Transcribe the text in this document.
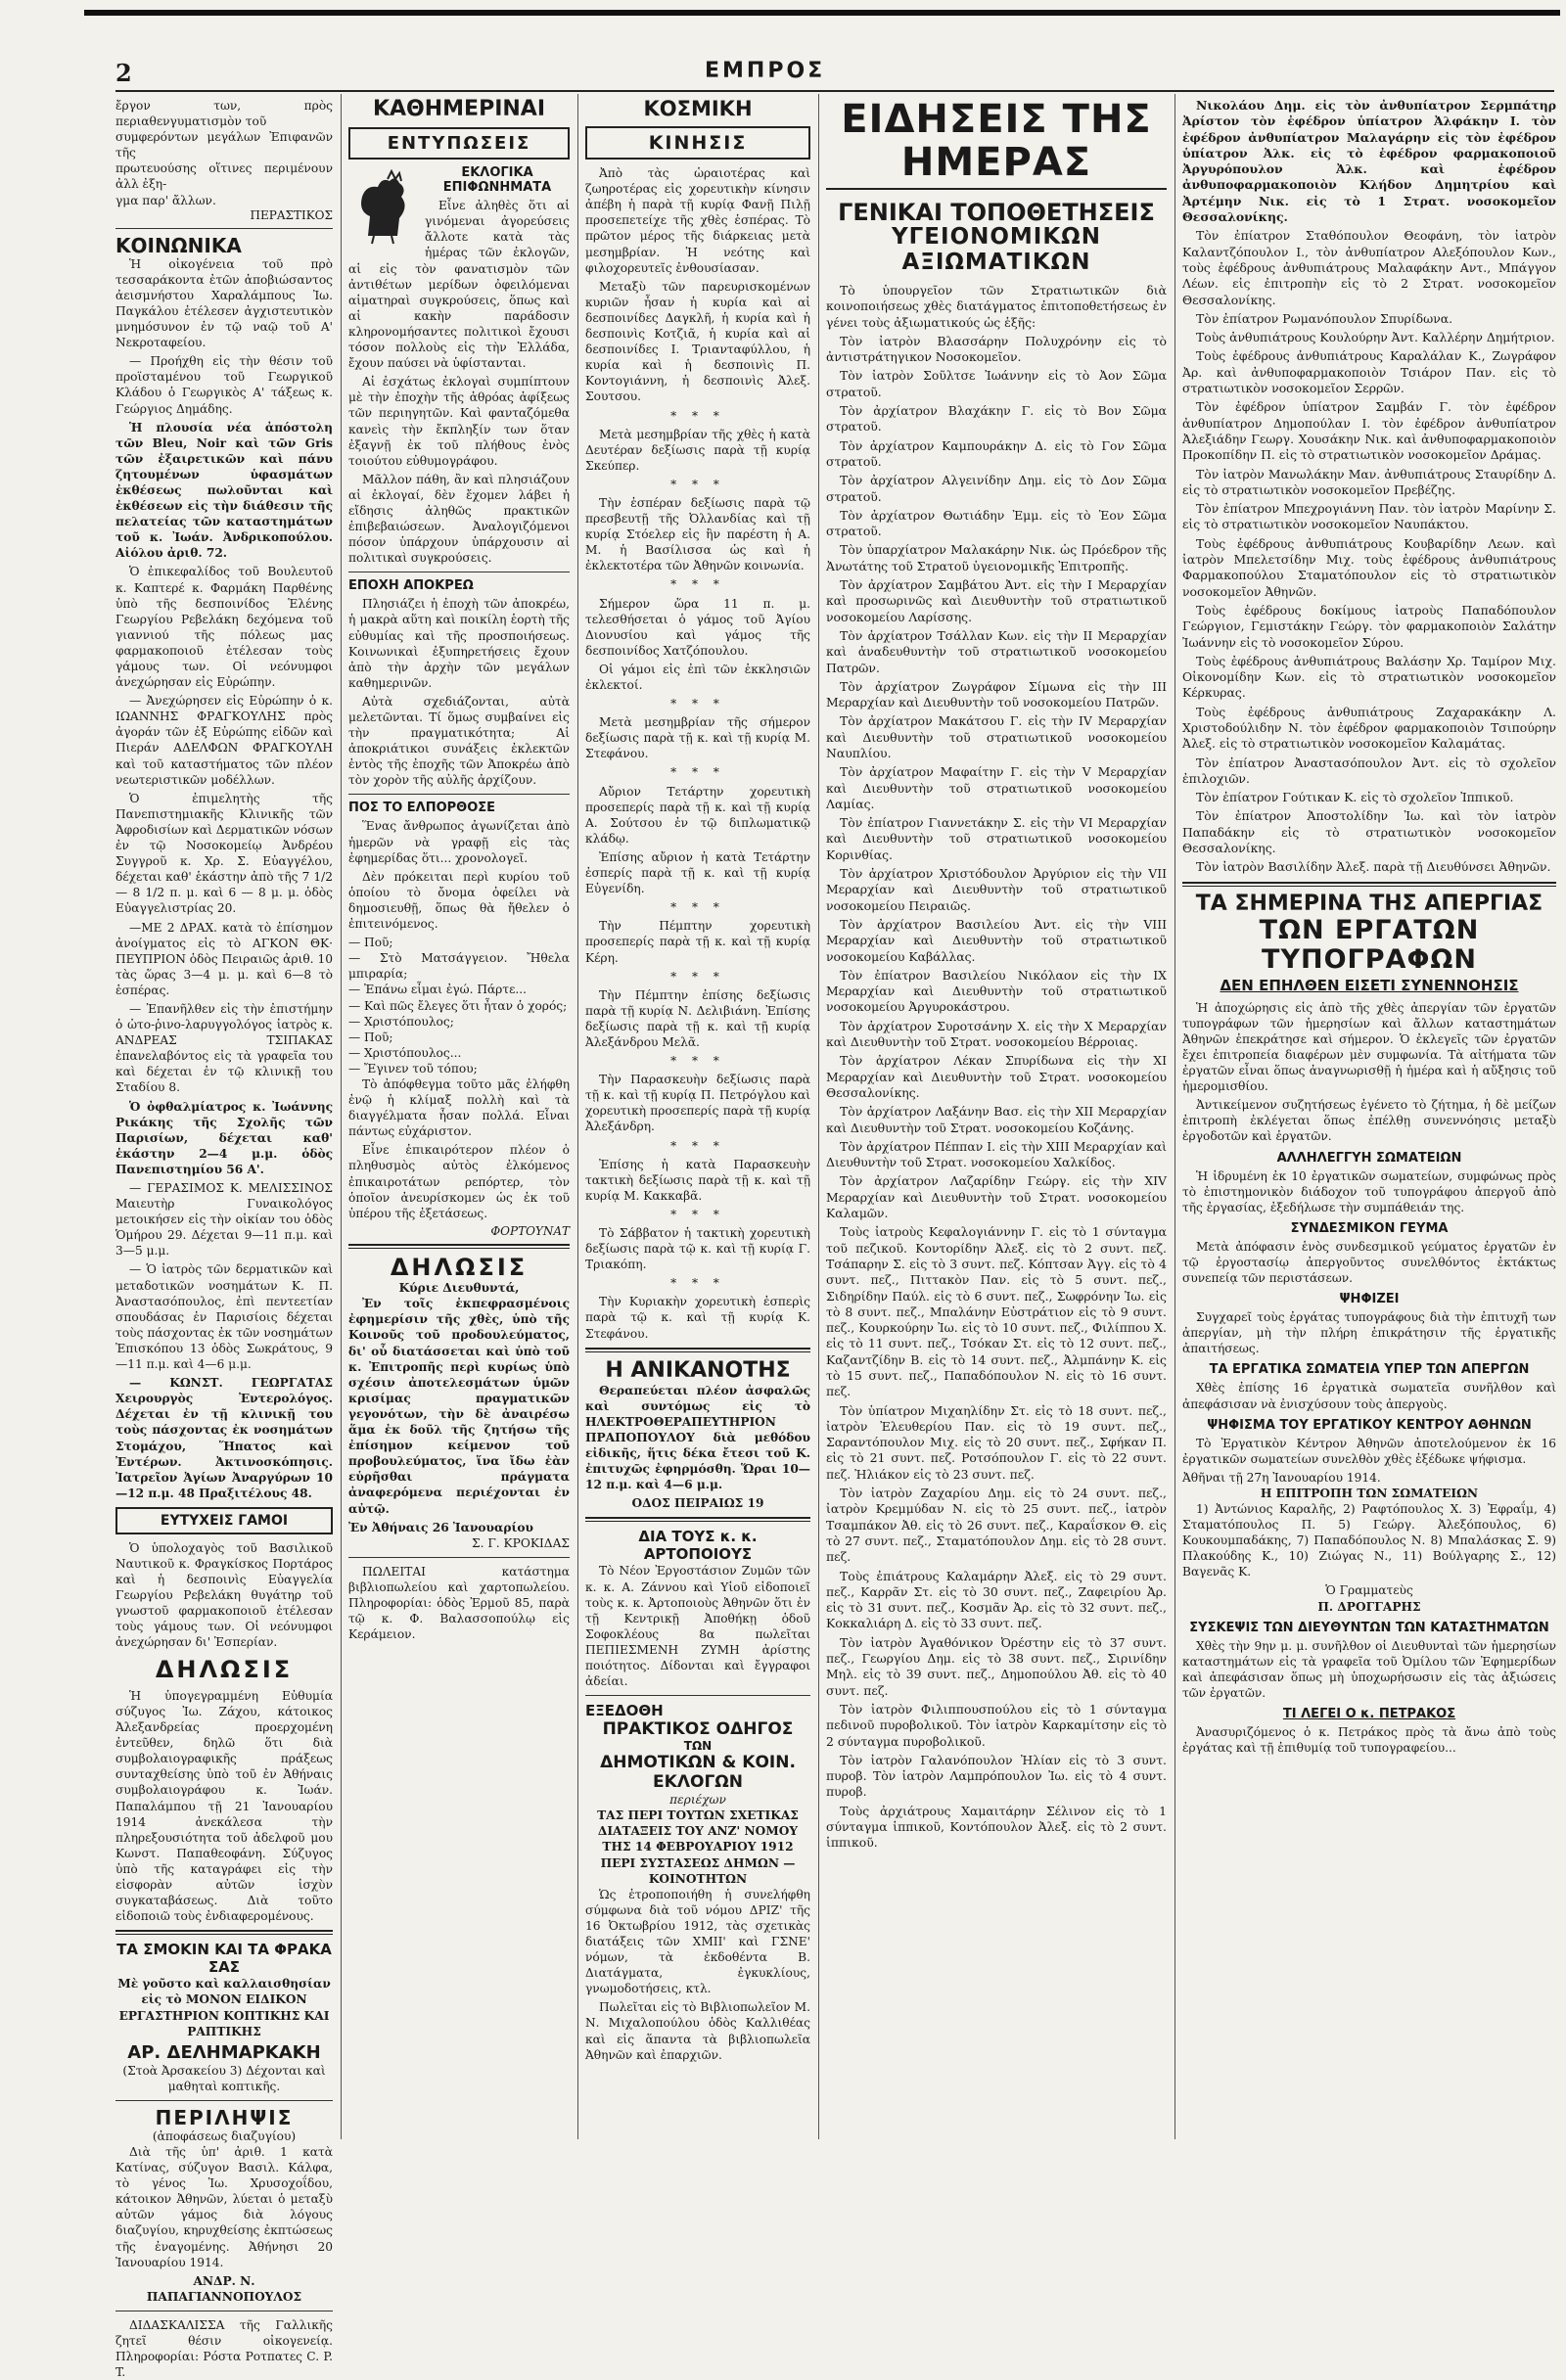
2	ΕΜΠΡΟΣ
ἔργον των, πρὸς περιαθενγυματισμὸν τοῦ
συμφερόντων μεγάλων Ἐπιφανῶν τῆς
πρωτευούσης οἵτινες περιμένουν ἀλλ ἐξη-
γμα παρ' ἄλλων.
ΠΕΡΑΣΤΙΚΟΣ
ΚΟΙΝΩΝΙΚΑ

Ἡ οἰκογένεια τοῦ πρὸ τεσσαράκοντα ἐτῶν ἀποβιώσαντος ἀεισμνήστου Χαραλάμπους Ἰω. Παγκάλου ἐτέλεσεν ἀγχιστευτικὸν μνημόσυνον ἐν τῷ ναῷ τοῦ Α' Νεκροταφείου.

— Προήχθη εἰς τὴν θέσιν τοῦ προϊσταμένου τοῦ Γεωργικοῦ Κλάδου ὁ Γεωργικὸς Α' τάξεως κ. Γεώργιος Δημάδης.

Ἡ πλουσία νέα ἀπόστολη τῶν Bleu, Noir καὶ τῶν Gris τῶν ἐξαιρετικῶν καὶ πάνυ ζητουμένων ὑφασμάτων ἐκθέσεως πωλοῦνται καὶ ἐκθέσεων εἰς τὴν διάθεσιν τῆς πελατείας τῶν καταστημάτων τοῦ κ. Ἰωάν. Ἀνδρικοπούλου. Αἰόλου ἀριθ. 72.

Ὁ ἐπικεφαλίδος τοῦ Βουλευτοῦ κ. Καπτερέ κ. Φαρμάκη Παρθένης ὑπὸ τῆς δεσποινίδος Ἑλένης Γεωργίου Ρεβελάκη δεχόμενα τοῦ γιαννιού τῆς πόλεως μας φαρμακοποιοῦ ἐτέλεσαν τοὺς γάμους των. Οἱ νεόνυμφοι ἀνεχώρησαν εἰς Εὐρώπην.

— Ἀνεχώρησεν εἰς Εὐρώπην ὁ κ. ΙΩΑΝΝΗΣ ΦΡΑΓΚΟΥΛΗΣ πρὸς ἀγοράν τῶν ἐξ Εὐρώπης εἰδῶν καὶ Πιεράν ΑΔΕΛΦΩΝ ΦΡΑΓΚΟΥΛΗ καὶ τοῦ καταστήματος τῶν πλέον νεωτεριστικῶν μοδέλλων.

Ὁ ἐπιμελητὴς τῆς Πανεπιστημιακῆς Κλινικῆς τῶν Ἀφροδισίων καὶ Δερματικῶν νόσων ἐν τῷ Νοσοκομείῳ Ἀνδρέου Συγγροῦ κ. Χρ. Σ. Εὐαγγέλου, δέχεται καθ' ἑκάστην ἀπὸ τῆς 7 1/2 — 8 1/2 π. μ. καὶ 6 — 8 μ. μ. ὁδὸς Εὐαγγελιστρίας 20.

—ΜΕ 2 ΔΡΑΧ. κατὰ τὸ ἐπίσημον ἀνοίγματος εἰς τὸ ΑΓΚΟΝ ΘΚ· ΠΕΥΠΡΙΟΝ ὁδὸς Πειραιῶς ἀριθ. 10 τὰς ὥρας 3—4 μ. μ. καὶ 6—8 τὸ ἑσπέρας.

— Ἐπανῆλθεν εἰς τὴν ἐπιστήμην ὁ ὠτο-ῥινο-λαρυγγολόγος ἰατρὸς κ. ΑΝΔΡΕΑΣ ΤΣΙΠΑΚΑΣ ἐπανελαβόντος εἰς τὰ γραφεῖα του καὶ δέχεται ἐν τῷ κλινικῇ του Σταδίου 8.

Ὁ ὀφθαλμίατρος κ. Ἰωάννης Ρικάκης τῆς Σχολῆς τῶν Παρισίων, δέχεται καθ' ἑκάστην 2—4 μ.μ. ὁδὸς Πανεπιστημίου 56 Α'.

— ΓΕΡΑΣΙΜΟΣ Κ. ΜΕΛΙΣΣΙΝΟΣ Μαιευτὴρ Γυναικολόγος μετοικήσεν εἰς τὴν οἰκίαν του ὁδὸς Ὁμήρου 29. Δέχεται 9—11 π.μ. καὶ 3—5 μ.μ.

— Ὁ ἰατρὸς τῶν δερματικῶν καὶ μεταδοτικῶν νοσημάτων Κ. Π. Ἀναστασόπουλος, ἐπὶ πεντεετίαν σπουδάσας ἐν Παρισίοις δέχεται τοὺς πάσχοντας ἐκ τῶν νοσημάτων Ἐπισκόπου 13 ὁδὸς Σωκράτους, 9—11 π.μ. καὶ 4—6 μ.μ.

— ΚΩΝΣΤ. ΓΕΩΡΓΑΤΑΣ Χειρουργὸς Ἐντερολόγος. Δέχεται ἐν τῇ κλινικῇ του τοὺς πάσχοντας ἐκ νοσημάτων Στομάχου, Ἥπατος καὶ Ἐντέρων. Ἀκτινοσκόπησις. Ἰατρεῖον Ἀγίων Ἀναργύρων 10—12 π.μ. 48 Πραξιτέλους 48.

ΕΥΤΥΧΕΙΣ ΓΑΜΟΙ

Ὁ ὑπολοχαγὸς τοῦ Βασιλικοῦ Ναυτικοῦ κ. Φραγκίσκος Πορτάρος καὶ ἡ δεσποινὶς Εὐαγγελία Γεωργίου Ρεβελάκη θυγάτηρ τοῦ γνωστοῦ φαρμακοποιοῦ ἐτέλεσαν τοὺς γάμους των. Οἱ νεόνυμφοι ἀνεχώρησαν δι' Ἑσπερίαν.

ΔΗΛΩΣΙΣ

Ἡ ὑπογεγραμμένη Εὐθυμία σύζυγος Ἰω. Ζάχου, κάτοικος Ἀλεξανδρείας προερχομένη ἐντεῦθεν, δηλῶ ὅτι διὰ συμβολαιογραφικῆς πράξεως συνταχθείσης ὑπὸ τοῦ ἐν Ἀθήναις συμβολαιογράφου κ. Ἰωάν. Παπαλάμπου τῇ 21 Ἰανουαρίου 1914 ἀνεκάλεσα τὴν πληρεξουσιότητα τοῦ ἀδελφοῦ μου Κωνστ. Παπαθεοφάνη. Σύζυγος ὑπὸ τῆς καταγράφει εἰς τὴν εἰσφορὰν αὐτῶν ἰσχὺν συγκαταβάσεως. Διὰ τοῦτο εἰδοποιῶ τοὺς ἐνδιαφερομένους.

ΤΑ ΣΜΟΚΙΝ ΚΑΙ ΤΑ ΦΡΑΚΑ ΣΑΣ
Μὲ γοῦστο καὶ καλλαισθησίαν εἰς τὸ ΜΟΝΟΝ ΕΙΔΙΚΟΝ ΕΡΓΑΣΤΗΡΙΟΝ ΚΟΠΤΙΚΗΣ ΚΑΙ ΡΑΠΤΙΚΗΣ
ΑΡ. ΔΕΛΗΜΑΡΚΑΚΗ
(Στοὰ Ἀρσακείου 3) Δέχονται καὶ μαθηταὶ κοπτικῆς.
ΠΕΡΙΛΗΨΙΣ
(ἀποφάσεως διαζυγίου)

Διὰ τῆς ὑπ' ἀριθ. 1 κατὰ Κατίνας, σύζυγον Βασιλ. Κάλφα, τὸ γένος Ἰω. Χρυσοχοΐδου, κάτοικον Ἀθηνῶν, λύεται ὁ μεταξὺ αὐτῶν γάμος διὰ λόγους διαζυγίου, κηρυχθείσης ἐκπτώσεως τῆς ἐναγομένης. Ἀθήνησι 20 Ἰανουαρίου 1914.

ΑΝΔΡ. Ν. ΠΑΠΑΓΙΑΝΝΟΠΟΥΛΟΣ

ΔΙΔΑΣΚΑΛΙΣΣΑ τῆς Γαλλικῆς ζητεῖ θέσιν οἰκογενείᾳ. Πληροφορίαι: Ρόστα Ροτπατες C. P. T.

ΚΑΘΗΜΕΡΙΝΑΙ
ΕΝΤΥΠΩΣΕΙΣ
ΕΚΛΟΓΙΚΑ ΕΠΙΦΩΝΗΜΑΤΑ

Εἶνε ἀληθὲς ὅτι αἱ γινόμεναι ἀγορεύσεις ἄλλοτε κατὰ τὰς ἡμέρας τῶν ἐκλογῶν, αἱ εἰς τὸν φανατισμὸν τῶν ἀντιθέτων μερίδων ὀφειλόμεναι αἱματηραὶ συγκρούσεις, ὅπως καὶ αἱ κακὴν παράδοσιν κληρονομήσαντες πολιτικοὶ ἔχουσι τόσον πολλοὺς εἰς τὴν Ἑλλάδα, ἔχουν παύσει νὰ ὑφίστανται.

Αἱ ἐσχάτως ἐκλογαὶ συμπίπτουν μὲ τὴν ἐποχὴν τῆς ἀθρόας ἀφίξεως τῶν περιηγητῶν. Καὶ φανταζόμεθα κανεὶς τὴν ἔκπληξίν των ὅταν ἐξαγνῇ ἐκ τοῦ πλήθους ἐνὸς τοιούτου εὐθυμογράφου.

Μᾶλλον πάθη, ἂν καὶ πλησιάζουν αἱ ἐκλογαί, δὲν ἔχομεν λάβει ἡ εἴδησις ἀληθῶς πρακτικῶν ἐπιβεβαιώσεων. Ἀναλογιζόμενοι πόσον ὑπάρχουν ὑπάρχουσιν αἱ πολιτικαὶ συγκρούσεις.

ΕΠΟΧΗ ΑΠΟΚΡΕΩ

Πλησιάζει ἡ ἐποχὴ τῶν ἀποκρέω, ἡ μακρὰ αὕτη καὶ ποικίλη ἑορτὴ τῆς εὐθυμίας καὶ τῆς προσποιήσεως. Κοινωνικαὶ ἐξυπηρετήσεις ἔχουν ἀπὸ τὴν ἀρχὴν τῶν μεγάλων καθημερινῶν.

Αὐτὰ σχεδιάζονται, αὐτὰ μελετῶνται. Τί ὅμως συμβαίνει εἰς τὴν πραγματικότητα; Αἱ ἀποκριάτικοι συνάξεις ἐκλεκτῶν ἐντὸς τῆς ἐποχῆς τῶν Ἀποκρέω ἀπὸ τὸν χορὸν τῆς αὐλῆς ἀρχίζουν.

ΠΟΣ ΤΟ ΕΛΠΟΡΘΟΣΕ

Ἕνας ἄνθρωπος ἀγωνίζεται ἀπὸ ἡμερῶν νὰ γραφῇ εἰς τὰς ἐφημερίδας ὅτι... χρονολογεῖ.

Δὲν πρόκειται περὶ κυρίου τοῦ ὁποίου τὸ ὄνομα ὀφείλει νὰ δημοσιευθῇ, ὅπως θὰ ἤθελεν ὁ ἐπιτεινόμενος.

— Ποῦ;
— Στὸ Ματσάγγειον. Ἤθελα μπιραρία;
— Ἐπάνω εἶμαι ἐγώ. Πάρτε...
— Καὶ πῶς ἔλεγες ὅτι ἦταν ὁ χορός;
— Χριστόπουλος;
— Ποῦ;
— Χριστόπουλος...
— Ἔγινεν τοῦ τόπου;

Τὸ ἀπόφθεγμα τοῦτο μᾶς ἐλήφθη ἐνῷ ἡ κλίμαξ πολλὴ καὶ τὰ διαγγέλματα ἦσαν πολλά. Εἶναι πάντως εὐχάριστον.

Εἶνε ἐπικαιρότερον πλέον ὁ πληθυσμὸς αὐτὸς ἐλκόμενος ἐπικαιροτάτων ρεπόρτερ, τὸν ὁποῖον ἀνευρίσκομεν ὡς ἐκ τοῦ ὑπέρου τῆς ἐξετάσεως.

ΦΟΡΤΟΥΝΑΤ
ΔΗΛΩΣΙΣ
Κύριε Διευθυντά,

Ἐν τοῖς ἐκπεφρασμένοις ἐφημερίσιν τῆς χθὲς, ὑπὸ τῆς Κοινοῦς τοῦ προδουλεύματος, δι' οὗ διατάσσεται καὶ ὑπὸ τοῦ κ. Ἐπιτροπῆς περὶ κυρίως ὑπὸ σχέσιν ἀποτελεσμάτων ὑμῶν κρισίμας πραγματικῶν γεγονότων, τὴν δὲ ἀναιρέσω ἅμα ἐκ δοῦλ τῆς ζητήσω τῆς ἐπίσημον κείμενον τοῦ προβουλεύματος, ἵνα ἴδω ἐὰν εὑρῆσθαι πράγματα ἀναφερόμενα περιέχονται ἐν αὐτῷ.

Ἐν Ἀθήναις 26 Ἰανουαρίου
Σ. Γ. ΚΡΟΚΙΔΑΣ

ΠΩΛΕΙΤΑΙ κατάστημα βιβλιοπωλείου καὶ χαρτοπωλείου. Πληροφορίαι: ὁδὸς Ἐρμοῦ 85, παρὰ τῷ κ. Φ. Βαλασσοπούλῳ εἰς Κεράμειον.

ΚΟΣΜΙΚΗ
ΚΙΝΗΣΙΣ

Ἀπὸ τὰς ὡραιοτέρας καὶ ζωηροτέρας εἰς χορευτικὴν κίνησιν ἀπέβη ἡ παρὰ τῇ κυρίᾳ Φανῇ Πιλῇ προσεπετείχε τῆς χθὲς ἑσπέρας. Τὸ πρῶτον μέρος τῆς διάρκειας μετὰ μεσημβρίαν. Ἡ νεότης καὶ φιλοχορευτεῖς ἐνθουσίασαν.

Μεταξὺ τῶν παρευρισκομένων κυριῶν ἦσαν ἡ κυρία καὶ αἱ δεσποινίδες Δαγκλῆ, ἡ κυρία καὶ ἡ δεσποινὶς Κοτζιᾶ, ἡ κυρία καὶ αἱ δεσποινίδες Ι. Τριανταφύλλου, ἡ κυρία καὶ ἡ δεσποινὶς Π. Κοντογιάννη, ἡ δεσποινὶς Ἀλεξ. Σουτσου.

* * *

Μετὰ μεσημβρίαν τῆς χθὲς ἡ κατὰ Δευτέραν δεξίωσις παρὰ τῇ κυρίᾳ Σκεύπερ.

* * *

Τὴν ἑσπέραν δεξίωσις παρὰ τῷ πρεσβευτῇ τῆς Ὀλλανδίας καὶ τῇ κυρίᾳ Στόελερ εἰς ἣν παρέστη ἡ Α. Μ. ἡ Βασίλισσα ὡς καὶ ἡ ἐκλεκτοτέρα τῶν Ἀθηνῶν κοινωνία.

* * *

Σήμερον ὥρα 11 π. μ. τελεσθήσεται ὁ γάμος τοῦ Ἀγίου Διονυσίου καὶ γάμος τῆς δεσποινίδος Χατζόπουλου.

Οἱ γάμοι εἰς ἐπὶ τῶν ἐκκλησιῶν ἐκλεκτοί.

* * *

Μετὰ μεσημβρίαν τῆς σήμερον δεξίωσις παρὰ τῇ κ. καὶ τῇ κυρίᾳ Μ. Στεφάνου.

* * *

Αὔριον Τετάρτην χορευτικὴ προσεπερίς παρὰ τῇ κ. καὶ τῇ κυρίᾳ Α. Σούτσου ἐν τῷ διπλωματικῷ κλάδῳ.

Ἐπίσης αὔριον ἡ κατὰ Τετάρτην ἐσπερίς παρὰ τῇ κ. καὶ τῇ κυρίᾳ Εὐγενίδη.

* * *

Τὴν Πέμπτην χορευτικὴ προσεπερίς παρὰ τῇ κ. καὶ τῇ κυρίᾳ Κέρη.

* * *

Τὴν Πέμπτην ἐπίσης δεξίωσις παρὰ τῇ κυρίᾳ Ν. Δελιβιάνη. Ἐπίσης δεξίωσις παρὰ τῇ κ. καὶ τῇ κυρίᾳ Ἀλεξάνδρου Μελᾶ.

* * *

Τὴν Παρασκευὴν δεξίωσις παρὰ τῇ κ. καὶ τῇ κυρίᾳ Π. Πετρόγλου καὶ χορευτικὴ προσεπερίς παρὰ τῇ κυρίᾳ Ἀλεξάνδρη.

* * *

Ἐπίσης ἡ κατὰ Παρασκευὴν τακτικὴ δεξίωσις παρὰ τῇ κ. καὶ τῇ κυρίᾳ Μ. Κακκαβᾶ.

* * *

Τὸ Σάββατον ἡ τακτικὴ χορευτικὴ δεξίωσις παρὰ τῷ κ. καὶ τῇ κυρίᾳ Γ. Τριακόπη.

* * *

Τὴν Κυριακὴν χορευτικὴ ἐσπερὶς παρὰ τῷ κ. καὶ τῇ κυρίᾳ Κ. Στεφάνου.

Η ΑΝΙΚΑΝΟΤΗΣ

Θεραπεύεται πλέον ἀσφαλῶς καὶ συντόμως εἰς τὸ ΗΛΕΚΤΡΟΘΕΡΑΠΕΥΤΗΡΙΟΝ ΠΡΑΠΟΠΟΥΛΟΥ διὰ μεθόδου εἰδικῆς, ἥτις δέκα ἔτεσι τοῦ Κ. ἐπιτυχῶς ἐφηρμόσθη. Ὥραι 10—12 π.μ. καὶ 4—6 μ.μ.

ΟΔΟΣ ΠΕΙΡΑΙΩΣ 19
ΔΙΑ ΤΟΥΣ κ. κ. ΑΡΤΟΠΟΙΟΥΣ

Τὸ Νέον Ἐργοστάσιον Ζυμῶν τῶν κ. κ. Α. Ζάννου καὶ Υἱοῦ εἰδοποιεῖ τοὺς κ. κ. Ἀρτοποιοὺς Ἀθηνῶν ὅτι ἐν τῇ Κεντρικῇ Ἀποθήκῃ ὁδοῦ Σοφοκλέους 8α πωλεῖται ΠΕΠΙΕΣΜΕΝΗ ΖΥΜΗ ἀρίστης ποιότητος. Δίδονται καὶ ἔγγραφοι ἀδείαι.

ΕΞΕΔΟΘΗ
ΠΡΑΚΤΙΚΟΣ ΟΔΗΓΟΣ
ΤΩΝ
ΔΗΜΟΤΙΚΩΝ & ΚΟΙΝ. ΕΚΛΟΓΩΝ
περιέχων
ΤΑΣ ΠΕΡΙ ΤΟΥΤΩΝ ΣΧΕΤΙΚΑΣ ΔΙΑΤΑΞΕΙΣ ΤΟΥ ΑΝΖ' ΝΟΜΟΥ ΤΗΣ 14 ΦΕΒΡΟΥΑΡΙΟΥ 1912
ΠΕΡΙ ΣΥΣΤΑΣΕΩΣ ΔΗΜΩΝ — ΚΟΙΝΟΤΗΤΩΝ

Ὡς ἐτροποποιήθη ἡ συνελήφθη σύμφωνα διὰ τοῦ νόμου ΔΡΙΖ' τῆς 16 Ὀκτωβρίου 1912, τὰς σχετικὰς διατάξεις τῶν ΧΜΙΙ' καὶ ΓΣΝΕ' νόμων, τὰ ἐκδοθέντα Β. Διατάγματα, ἐγκυκλίους, γνωμοδοτήσεις, κτλ.

Πωλεῖται εἰς τὸ Βιβλιοπωλεῖον Μ. Ν. Μιχαλοπούλου ὁδὸς Καλλιθέας καὶ εἰς ἅπαντα τὰ βιβλιοπωλεῖα Ἀθηνῶν καὶ ἐπαρχιῶν.

ΕΙΔΗΣΕΙΣ ΤΗΣ ΗΜΕΡΑΣ
ΓΕΝΙΚΑΙ ΤΟΠΟΘΕΤΗΣΕΙΣ
ΥΓΕΙΟΝΟΜΙΚΩΝ ΑΞΙΩΜΑΤΙΚΩΝ

Τὸ ὑπουργεῖον τῶν Στρατιωτικῶν διὰ κοινοποιήσεως χθὲς διατάγματος ἐπιτοποθετήσεως ἐν γένει τοὺς ἀξιωματικούς ὡς ἑξῆς:

Τὸν ἰατρὸν Βλασσάρην Πολυχρόνην εἰς τὸ ἀντιστράτηγικον Νοσοκομεῖον.

Τὸν ἰατρὸν Σοῦλτσε Ἰωάννην εἰς τὸ Ἀον Σῶμα στρατοῦ.

Τὸν ἀρχίατρον Βλαχάκην Γ. εἰς τὸ Βον Σῶμα στρατοῦ.

Τὸν ἀρχίατρον Καμπουράκην Δ. εἰς τὸ Γον Σῶμα στρατοῦ.

Τὸν ἀρχίατρον Αλγεινίδην Δημ. εἰς τὸ Δον Σῶμα στρατοῦ.

Τὸν ἀρχίατρον Θωτιάδην Ἐμμ. εἰς τὸ Ἐον Σῶμα στρατοῦ.

Τὸν ὑπαρχίατρον Μαλακάρην Νικ. ὡς Πρόεδρον τῆς Ἀνωτάτης τοῦ Στρατοῦ ὑγειονομικῆς Ἐπιτροπῆς.

Τὸν ἀρχίατρον Σαμβάτου Ἀντ. εἰς τὴν Ι Μεραρχίαν καὶ προσωρινῶς καὶ Διευθυντὴν τοῦ στρατιωτικοῦ νοσοκομείου Λαρίσσης.

Τὸν ἀρχίατρον Τσάλλαν Κων. εἰς τὴν ΙΙ Μεραρχίαν καὶ ἀναδευθυντὴν τοῦ στρατιωτικοῦ νοσοκομείου Πατρῶν.

Τὸν ἀρχίατρον Ζωγράφον Σίμωνα εἰς τὴν ΙΙΙ Μεραρχίαν καὶ Διευθυντὴν τοῦ νοσοκομείου Πατρῶν.

Τὸν ἀρχίατρον Μακάτσου Γ. εἰς τὴν IV Μεραρχίαν καὶ Διευθυντὴν τοῦ στρατιωτικοῦ νοσοκομείου Ναυπλίου.

Τὸν ἀρχίατρον Μαφαίτην Γ. εἰς τὴν V Μεραρχίαν καὶ Διευθυντὴν τοῦ στρατιωτικοῦ νοσοκομείου Λαμίας.

Τὸν ἐπίατρον Γιαννετάκην Σ. εἰς τὴν VI Μεραρχίαν καὶ Διευθυντὴν τοῦ στρατιωτικοῦ νοσοκομείου Κορινθίας.

Τὸν ἀρχίατρον Χριστόδουλον Ἀργύριον εἰς τὴν VII Μεραρχίαν καὶ Διευθυντὴν τοῦ στρατιωτικοῦ νοσοκομείου Πειραιῶς.

Τὸν ἀρχίατρον Βασιλείου Ἀντ. εἰς τὴν VIII Μεραρχίαν καὶ Διευθυντὴν τοῦ στρατιωτικοῦ νοσοκομείου Καβάλλας.

Τὸν ἐπίατρον Βασιλείου Νικόλαον εἰς τὴν IX Μεραρχίαν καὶ Διευθυντὴν τοῦ στρατιωτικοῦ νοσοκομείου Ἀργυροκάστρου.

Τὸν ἀρχίατρον Συροτσάνην Χ. εἰς τὴν Χ Μεραρχίαν καὶ Διευθυντὴν τοῦ Στρατ. νοσοκομείου Βέρροιας.

Τὸν ἀρχίατρον Λέκαν Σπυρίδωνα εἰς τὴν ΧΙ Μεραρχίαν καὶ Διευθυντὴν τοῦ Στρατ. νοσοκομείου Θεσσαλονίκης.

Τὸν ἀρχίατρον Λαξάνην Βασ. εἰς τὴν ΧΙΙ Μεραρχίαν καὶ Διευθυντὴν τοῦ Στρατ. νοσοκομείου Κοζάνης.

Τὸν ἀρχίατρον Πέππαν Ι. εἰς τὴν ΧΙΙΙ Μεραρχίαν καὶ Διευθυντὴν τοῦ Στρατ. νοσοκομείου Χαλκίδος.

Τὸν ἀρχίατρον Λαζαρίδην Γεώργ. εἰς τὴν ΧΙV Μεραρχίαν καὶ Διευθυντὴν τοῦ Στρατ. νοσοκομείου Καλαμῶν.

Τοὺς ἰατροὺς Κεφαλογιάννην Γ. εἰς τὸ 1 σύνταγμα τοῦ πεζικοῦ. Κοντορίδην Ἀλεξ. εἰς τὸ 2 συντ. πεζ. Τσάπαρην Σ. εἰς τὸ 3 συντ. πεζ. Κόπτσαν Ἀγγ. εἰς τὸ 4 συντ. πεζ., Πιττακὸν Παν. εἰς τὸ 5 συντ. πεζ., Σιδηρίδην Παύλ. εἰς τὸ 6 συντ. πεζ., Σωφρόνην Ἰω. εἰς τὸ 8 συντ. πεζ., Μπαλάνην Εὐστράτιον εἰς τὸ 9 συντ. πεζ., Κουρκούρην Ἰω. εἰς τὸ 10 συντ. πεζ., Φιλίππου Χ. εἰς τὸ 11 συντ. πεζ., Τσόκαν Στ. εἰς τὸ 12 συντ. πεζ., Καζαντζίδην Β. εἰς τὸ 14 συντ. πεζ., Ἀλμπάνην Κ. εἰς τὸ 15 συντ. πεζ., Παπαδόπουλον Ν. εἰς τὸ 16 συντ. πεζ.

Τὸν ὑπίατρον Μιχαηλίδην Στ. εἰς τὸ 18 συντ. πεζ., ἰατρὸν Ἐλευθερίου Παν. εἰς τὸ 19 συντ. πεζ., Σαραντόπουλον Μιχ. εἰς τὸ 20 συντ. πεζ., Σφήκαν Π. εἰς τὸ 21 συντ. πεζ. Ροτσόπουλον Γ. εἰς τὸ 22 συντ. πεζ. Ἠλιάκον εἰς τὸ 23 συντ. πεζ.

Τὸν ἰατρὸν Ζαχαρίου Δημ. εἰς τὸ 24 συντ. πεζ., ἰατρὸν Κρεμμύδαν Ν. εἰς τὸ 25 συντ. πεζ., ἰατρὸν Τσαμπάκον Ἀθ. εἰς τὸ 26 συντ. πεζ., Καραΐσκον Θ. εἰς τὸ 27 συντ. πεζ., Σταματόπουλον Δημ. εἰς τὸ 28 συντ. πεζ.

Τοὺς ἐπιάτρους Καλαμάρην Ἀλεξ. εἰς τὸ 29 συντ. πεζ., Καρρᾶν Στ. εἰς τὸ 30 συντ. πεζ., Ζαφειρίου Ἀρ. εἰς τὸ 31 συντ. πεζ., Κοσμᾶν Ἀρ. εἰς τὸ 32 συντ. πεζ., Κοκκαλιάρη Δ. εἰς τὸ 33 συντ. πεζ.

Τὸν ἰατρὸν Ἀγαθόνικον Ὀρέστην εἰς τὸ 37 συντ. πεζ., Γεωργίου Δημ. εἰς τὸ 38 συντ. πεζ., Σιρινίδην Μηλ. εἰς τὸ 39 συντ. πεζ., Δημοπούλου Ἀθ. εἰς τὸ 40 συντ. πεζ.

Τὸν ἰατρὸν Φιλιππουσπούλου εἰς τὸ 1 σύνταγμα πεδινοῦ πυροβολικοῦ. Τὸν ἰατρὸν Καρκαμίτσην εἰς τὸ 2 σύνταγμα πυροβολικοῦ.

Τὸν ἰατρὸν Γαλανόπουλον Ἠλίαν εἰς τὸ 3 συντ. πυροβ. Τὸν ἰατρὸν Λαμπρόπουλον Ἰω. εἰς τὸ 4 συντ. πυροβ.

Τοὺς ἀρχιάτρους Χαμαιτάρην Σέλινον εἰς τὸ 1 σύνταγμα ἱππικοῦ, Κοντόπουλον Ἀλεξ. εἰς τὸ 2 συντ. ἱππικοῦ.

Νικολάου Δημ. εἰς τὸν ἀνθυπίατρον Σερμπάτηρ Ἀρίστον τὸν ἐφέδρον ὑπίατρον Ἀλφάκην Ι. τὸν ἐφέδρον ἀνθυπίατρον Μαλαγάρην εἰς τὸν ἐφέδρον ὑπίατρον Ἀλκ. εἰς τὸ ἐφέδρον φαρμακοποιοῦ Ἀργυρόπουλον Ἀλκ. καὶ ἐφέδρον ἀνθυποφαρμακοποιὸν Κλήδον Δημητρίου καὶ Ἀρτέμην Νικ. εἰς τὸ 1 Στρατ. νοσοκομεῖον Θεσσαλονίκης.

Τὸν ἐπίατρον Σταθόπουλον Θεοφάνη, τὸν ἰατρὸν Καλαντζόπουλον Ι., τὸν ἀνθυπίατρον Αλεξόπουλον Κων., τοὺς ἐφέδρους ἀνθυπιάτρους Μαλαφάκην Αντ., Μπάγγον Λέων. εἰς ἐπιτροπὴν εἰς τὸ 2 Στρατ. νοσοκομεῖον Θεσσαλονίκης.

Τὸν ἐπίατρον Ρωμανόπουλον Σπυρίδωνα.

Τοὺς ἀνθυπιάτρους Κουλούρην Ἀντ. Καλλέρην Δημήτριον.

Τοὺς ἐφέδρους ἀνθυπιάτρους Καραλάλαν Κ., Ζωγράφον Ἀρ. καὶ ἀνθυποφαρμακοποιὸν Τσιάρον Παν. εἰς τὸ στρατιωτικὸν νοσοκομεῖον Σερρῶν.

Τὸν ἐφέδρον ὑπίατρον Σαμβάν Γ. τὸν ἐφέδρον ἀνθυπίατρον Δημοπούλαν Ι. τὸν ἐφέδρον ἀνθυπίατρον Ἀλεξιάδην Γεωργ. Χουσάκην Νικ. καὶ ἀνθυποφαρμακοποιὸν Προκοπίδην Π. εἰς τὸ στρατιωτικὸν νοσοκομεῖον Δράμας.

Τὸν ἰατρὸν Μανωλάκην Μαν. ἀνθυπιάτρους Σταυρίδην Δ. εἰς τὸ στρατιωτικὸν νοσοκομεῖον Πρεβέζης.

Τὸν ἐπίατρον Μπεχρογιάννη Παν. τὸν ἰατρὸν Μαρίνην Σ. εἰς τὸ στρατιωτικὸν νοσοκομεῖον Ναυπάκτου.

Τοὺς ἐφέδρους ἀνθυπιάτρους Κουβαρίδην Λεων. καὶ ἰατρὸν Μπελετσίδην Μιχ. τοὺς ἐφέδρους ἀνθυπιάτρους Φαρμακοπούλου Σταματόπουλον εἰς τὸ στρατιωτικὸν νοσοκομεῖον Ἀθηνῶν.

Τοὺς ἐφέδρους δοκίμους ἰατροὺς Παπαδόπουλον Γεώργιον, Γεμιστάκην Γεώργ. τὸν φαρμακοποιὸν Σαλάτην Ἰωάννην εἰς τὸ νοσοκομεῖον Σύρου.

Τοὺς ἐφέδρους ἀνθυπιάτρους Βαλάσην Χρ. Ταμίρον Μιχ. Οἰκονομίδην Κων. εἰς τὸ στρατιωτικὸν νοσοκομεῖον Κέρκυρας.

Τοὺς ἐφέδρους ἀνθυπιάτρους Ζαχαρακάκην Λ. Χριστοδούλιδην Ν. τὸν ἐφέδρον φαρμακοποιὸν Τσιπούρην Ἀλεξ. εἰς τὸ στρατιωτικὸν νοσοκομεῖον Καλαμάτας.

Τὸν ἐπίατρον Ἀναστασόπουλον Ἀντ. εἰς τὸ σχολεῖον ἐπιλοχιῶν.

Τὸν ἐπίατρον Γούτικαν Κ. εἰς τὸ σχολεῖον Ἰππικοῦ.

Τὸν ἐπίατρον Ἀποστολίδην Ἰω. καὶ τὸν ἰατρὸν Παπαδάκην εἰς τὸ στρατιωτικὸν νοσοκομεῖον Θεσσαλονίκης.

Τὸν ἰατρὸν Βασιλίδην Ἀλεξ. παρὰ τῇ Διευθύνσει Ἀθηνῶν.

ΤΑ ΣΗΜΕΡΙΝΑ ΤΗΣ ΑΠΕΡΓΙΑΣ
ΤΩΝ ΕΡΓΑΤΩΝ ΤΥΠΟΓΡΑΦΩΝ
ΔΕΝ ΕΠΗΛΘΕΝ ΕΙΣΕΤΙ ΣΥΝΕΝΝΟΗΣΙΣ

Ἡ ἀποχώρησις εἰς ἀπὸ τῆς χθὲς ἀπεργίαν τῶν ἐργατῶν τυπογράφων τῶν ἡμερησίων καὶ ἄλλων καταστημάτων Ἀθηνῶν ἐπεκράτησε καὶ σήμερον. Ὁ ἐκλεγεῖς τῶν ἐργατῶν ἔχει ἐπιτροπεία διαφέρων μὲν συμφωνία. Τὰ αἰτήματα τῶν ἐργατῶν εἶναι ὅπως ἀναγνωρισθῇ ἡ ἡμέρα καὶ ἡ αὔξησις τοῦ ἡμερομισθίου.

Ἀντικείμενον συζητήσεως ἐγένετο τὸ ζήτημα, ἡ δὲ μείζων ἐπιτροπὴ ἐκλέγεται ὅπως ἐπέλθῃ συνεννόησις μεταξὺ ἐργοδοτῶν καὶ ἐργατῶν.

ΑΛΛΗΛΕΓΓΥΗ ΣΩΜΑΤΕΙΩΝ

Ἡ ἱδρυμένη ἐκ 10 ἐργατικῶν σωματείων, συμφώνως πρὸς τὸ ἐπιστημονικὸν διάδοχον τοῦ τυπογράφου ἀπεργοῦ ἀπὸ τῆς ἐργασίας, ἐξεδήλωσε τὴν συμπάθειάν της.

ΣΥΝΔΕΣΜΙΚΟΝ ΓΕΥΜΑ

Μετὰ ἀπόφασιν ἑνὸς συνδεσμικοῦ γεύματος ἐργατῶν ἐν τῷ ἐργοστασίῳ ἀπεργοῦντος συνελθόντος ἐκτάκτως συνεπείᾳ τῶν περιστάσεων.

ΨΗΦΙΖΕΙ

Συγχαρεῖ τοὺς ἐργάτας τυπογράφους διὰ τὴν ἐπιτυχῆ των ἀπεργίαν, μὴ τὴν πλήρη ἐπικράτησιν τῆς ἐργατικῆς ἀπαιτήσεως.

ΤΑ ΕΡΓΑΤΙΚΑ ΣΩΜΑΤΕΙΑ ΥΠΕΡ ΤΩΝ ΑΠΕΡΓΩΝ

Χθὲς ἐπίσης 16 ἐργατικὰ σωματεῖα συνῆλθον καὶ ἀπεφάσισαν νὰ ἐνισχύσουν τοὺς ἀπεργοὺς.

ΨΗΦΙΣΜΑ ΤΟΥ ΕΡΓΑΤΙΚΟΥ ΚΕΝΤΡΟΥ ΑΘΗΝΩΝ

Τὸ Ἐργατικὸν Κέντρον Ἀθηνῶν ἀποτελούμενον ἐκ 16 ἐργατικῶν σωματείων συνελθὸν χθὲς ἐξέδωκε ψήφισμα.

Ἀθῆναι τῇ 27η Ἰανουαρίου 1914.
Η ΕΠΙΤΡΟΠΗ ΤΩΝ ΣΩΜΑΤΕΙΩΝ

1) Ἀντώνιος Καραλῆς, 2) Ραφτόπουλος Χ. 3) Ἐφραΐμ, 4) Σταματόπουλος Π. 5) Γεώργ. Ἀλεξόπουλος, 6) Κουκουμπαδάκης, 7) Παπαδόπουλος Ν. 8) Μπαλάσκας Σ. 9) Πλακούδης Κ., 10) Ζιώγας Ν., 11) Βούλγαρης Σ., 12) Βαγενᾶς Κ.

Ὁ Γραμματεὺς
Π. ΔΡΟΓΓΑΡΗΣ
ΣΥΣΚΕΨΙΣ ΤΩΝ ΔΙΕΥΘΥΝΤΩΝ ΤΩΝ ΚΑΤΑΣΤΗΜΑΤΩΝ

Χθὲς τὴν 9ην μ. μ. συνῆλθον οἱ Διευθυνταὶ τῶν ἡμερησίων καταστημάτων εἰς τὰ γραφεῖα τοῦ Ὀμίλου τῶν Ἐφημερίδων καὶ ἀπεφάσισαν ὅπως μὴ ὑποχωρήσωσιν εἰς τὰς ἀξιώσεις τῶν ἐργατῶν.

ΤΙ ΛΕΓΕΙ Ο κ. ΠΕΤΡΑΚΟΣ

Ἀνασυριζόμενος ὁ κ. Πετράκος πρὸς τὰ ἄνω ἀπὸ τοὺς ἐργάτας καὶ τῇ ἐπιθυμίᾳ τοῦ τυπογραφείου...
